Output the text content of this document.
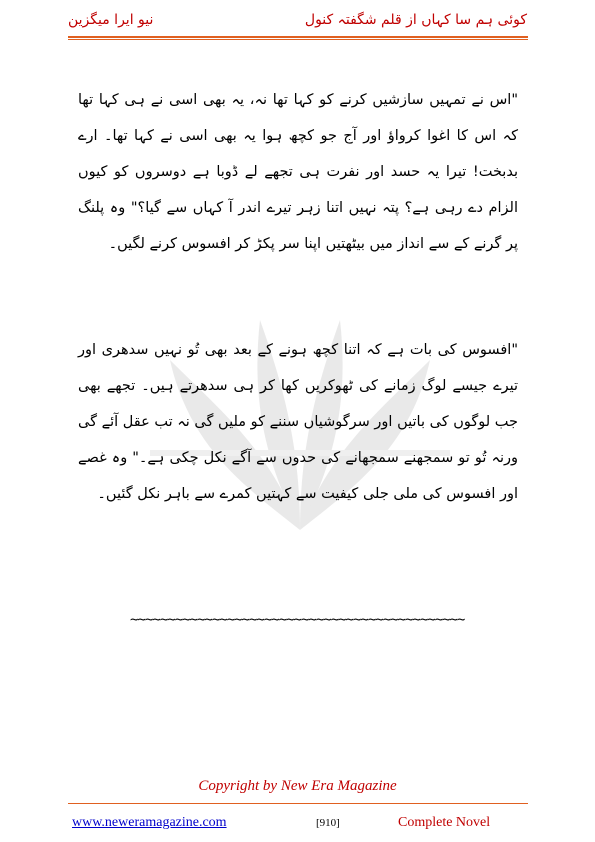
نیو ایرا میگزین	کوئی ہم سا کہاں از قلم شگفتہ کنول
"اس نے تمہیں سازشیں کرنے کو کہا تھا نہ، یہ بھی اسی نے ہی کہا تھا کہ اس کا اغوا کرواؤ اور آج جو کچھ ہوا یہ بھی اسی نے کہا تھا۔ ارے بدبخت! تیرا یہ حسد اور نفرت ہی تجھے لے ڈوبا ہے دوسروں کو کیوں الزام دے رہی ہے؟ پتہ نہیں اتنا زہر تیرے اندر آ کہاں سے گیا؟" وہ پلنگ پر گرنے کے سے انداز میں بیٹھتیں اپنا سر پکڑ کر افسوس کرنے لگیں۔
"افسوس کی بات ہے کہ اتنا کچھ ہونے کے بعد بھی تُو نہیں سدھری اور تیرے جیسے لوگ زمانے کی ٹھوکریں کھا کر ہی سدھرتے ہیں۔ تجھے بھی جب لوگوں کی باتیں اور سرگوشیاں سننے کو ملیں گی نہ تب عقل آئے گی ورنہ تُو تو سمجھنے سمجھانے کی حدوں سے آگے نکل چکی ہے۔" وہ غصے اور افسوس کی ملی جلی کیفیت سے کہتیں کمرے سے باہر نکل گئیں۔
~~~~~~~~~~~~~~~~~~~~~~~~~~~~~~~~~~~~~~~~~~~~~
Copyright by New Era Magazine
www.neweramagazine.com	[910]	Complete Novel
